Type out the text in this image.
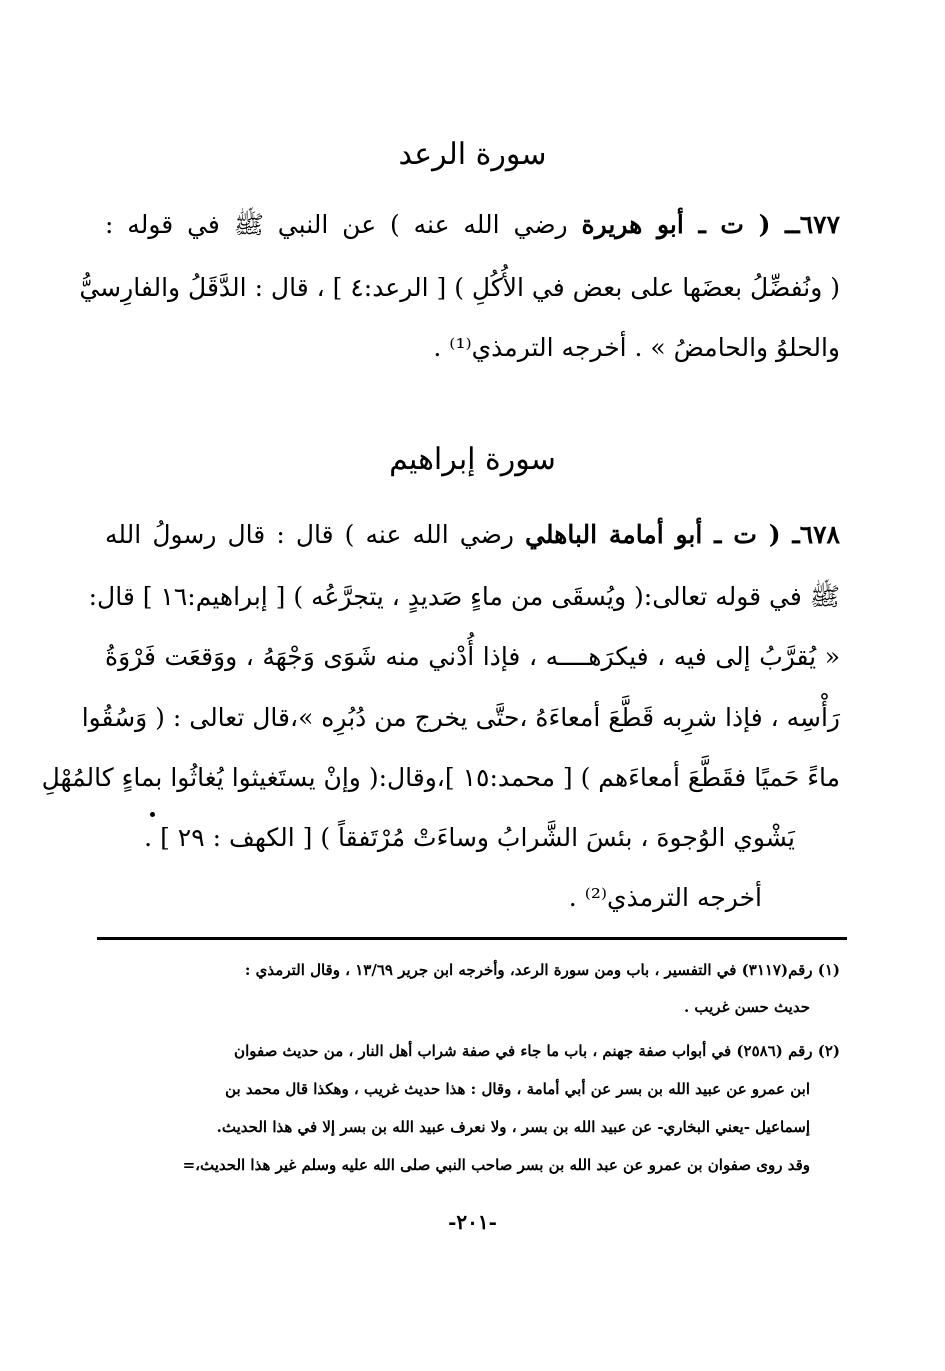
سورة الرعد

٦٧٧ــ ( ت ـ أبو هريرة رضي الله عنه ) عن النبي ﷺ في قوله :

( ونُفضِّلُ بعضَها على بعض في الأُكُلِ ) [ الرعد:٤ ] ، قال : الدَّقَلُ والفارِسيُّ

والحلوُ والحامضُ » . أخرجه الترمذي⁽¹⁾ .

سورة إبراهيم

٦٧٨ـ ( ت ـ أبو أمامة الباهلي رضي الله عنه ) قال : قال رسولُ الله

ﷺ في قوله تعالى:( ويُسقَى من ماءٍ صَديدٍ ، يتجرَّعُه ) [ إبراهيم:١٦ ] قال:

« يُقرَّبُ إلى فيه ، فيكرَهــــه ، فإذا أُدْني منه شَوَى وَجْهَهُ ، ووَقعَت فَرْوَةُ

رَأْسِه ، فإذا شرِبه قَطَّعَ أمعاءَهُ ،حتَّى يخرج من دُبُرِه »،قال تعالى : ( وَسُقُوا

ماءً حَميًا فقَطَّعَ أمعاءَهم ) [ محمد:١٥ ]،وقال:( وإنْ يستَغيثوا يُغاثُوا بماءٍ كالمُهْلِ

يَشْوي الوُجوهَ ، بئسَ الشَّرابُ وساءَتْ مُرْتَفقاً ) [ الكهف : ٢٩ ] .

أخرجه الترمذي⁽²⁾ .

(١) رقم(٣١١٧) في التفسير ، باب ومن سورة الرعد، وأخرجه ابن جرير ١٣/٦٩ ، وقال الترمذي :

حديث حسن غريب .

(٢) رقم (٢٥٨٦) في أبواب صفة جهنم ، باب ما جاء في صفة شراب أهل النار ، من حديث صفوان

ابن عمرو عن عبيد الله بن بسر عن أبي أمامة ، وقال : هذا حديث غريب ، وهكذا قال محمد بن

إسماعيل -يعني البخاري- عن عبيد الله بن بسر ، ولا نعرف عبيد الله بن بسر إلا في هذا الحديث.

وقد روى صفوان بن عمرو عن عبد الله بن بسر صاحب النبي صلى الله عليه وسلم غير هذا الحديث،=

-٢٠١-
